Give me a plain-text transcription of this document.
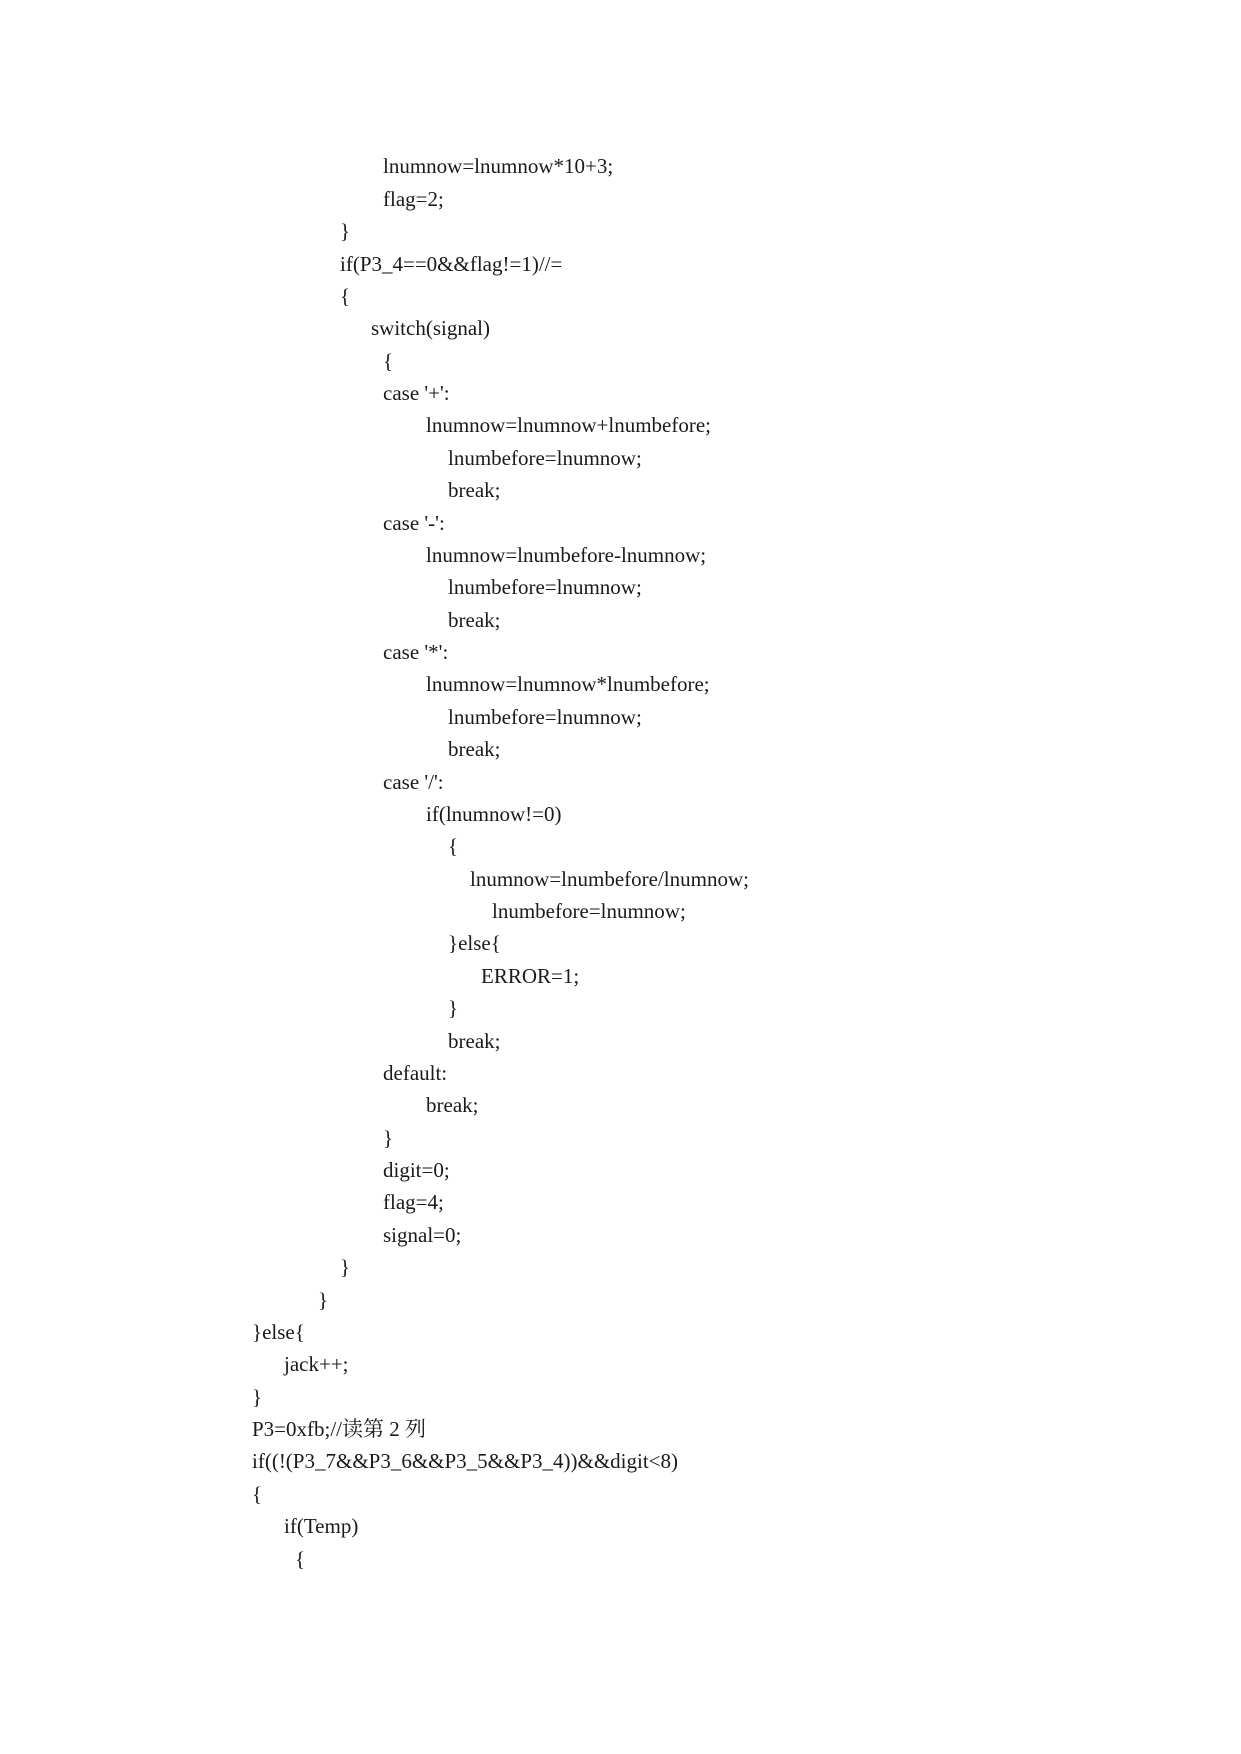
lnumnow=lnumnow*10+3;
flag=2;
}
if(P3_4==0&&flag!=1)//=
{
switch(signal)
{
case '+':
lnumnow=lnumnow+lnumbefore;
lnumbefore=lnumnow;
break;
case '-':
lnumnow=lnumbefore-lnumnow;
lnumbefore=lnumnow;
break;
case '*':
lnumnow=lnumnow*lnumbefore;
lnumbefore=lnumnow;
break;
case '/':
if(lnumnow!=0)
{
lnumnow=lnumbefore/lnumnow;
lnumbefore=lnumnow;
}else{
ERROR=1;
}
break;
default:
break;
}
digit=0;
flag=4;
signal=0;
}
}
}else{
jack++;
}
P3=0xfb;//读第 2 列
if((!(P3_7&&P3_6&&P3_5&&P3_4))&&digit<8)
{
if(Temp)
{
